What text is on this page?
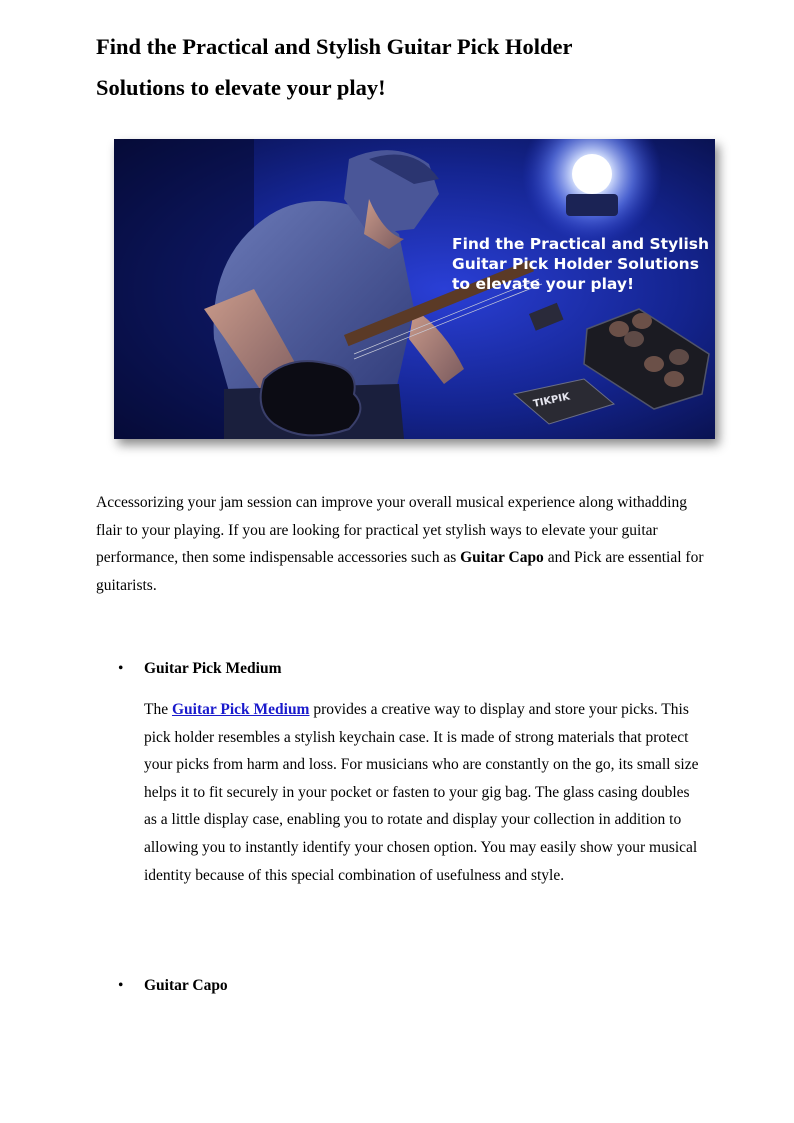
Find the Practical and Stylish Guitar Pick Holder
Solutions to elevate your play!
Find the Practical and Stylish
Guitar Pick Holder Solutions
to elevate your play!
TIKPIK

Accessorizing your jam session can improve your overall musical experience along withadding flair to your playing. If you are looking for practical yet stylish ways to elevate your guitar performance, then some indispensable accessories such as Guitar Capo and Pick are essential for guitarists.

• Guitar Pick Medium

The Guitar Pick Medium provides a creative way to display and store your picks. This pick holder resembles a stylish keychain case. It is made of strong materials that protect your picks from harm and loss. For musicians who are constantly on the go, its small size helps it to fit securely in your pocket or fasten to your gig bag. The glass casing doubles as a little display case, enabling you to rotate and display your collection in addition to allowing you to instantly identify your chosen option. You may easily show your musical identity because of this special combination of usefulness and style.

• Guitar Capo
